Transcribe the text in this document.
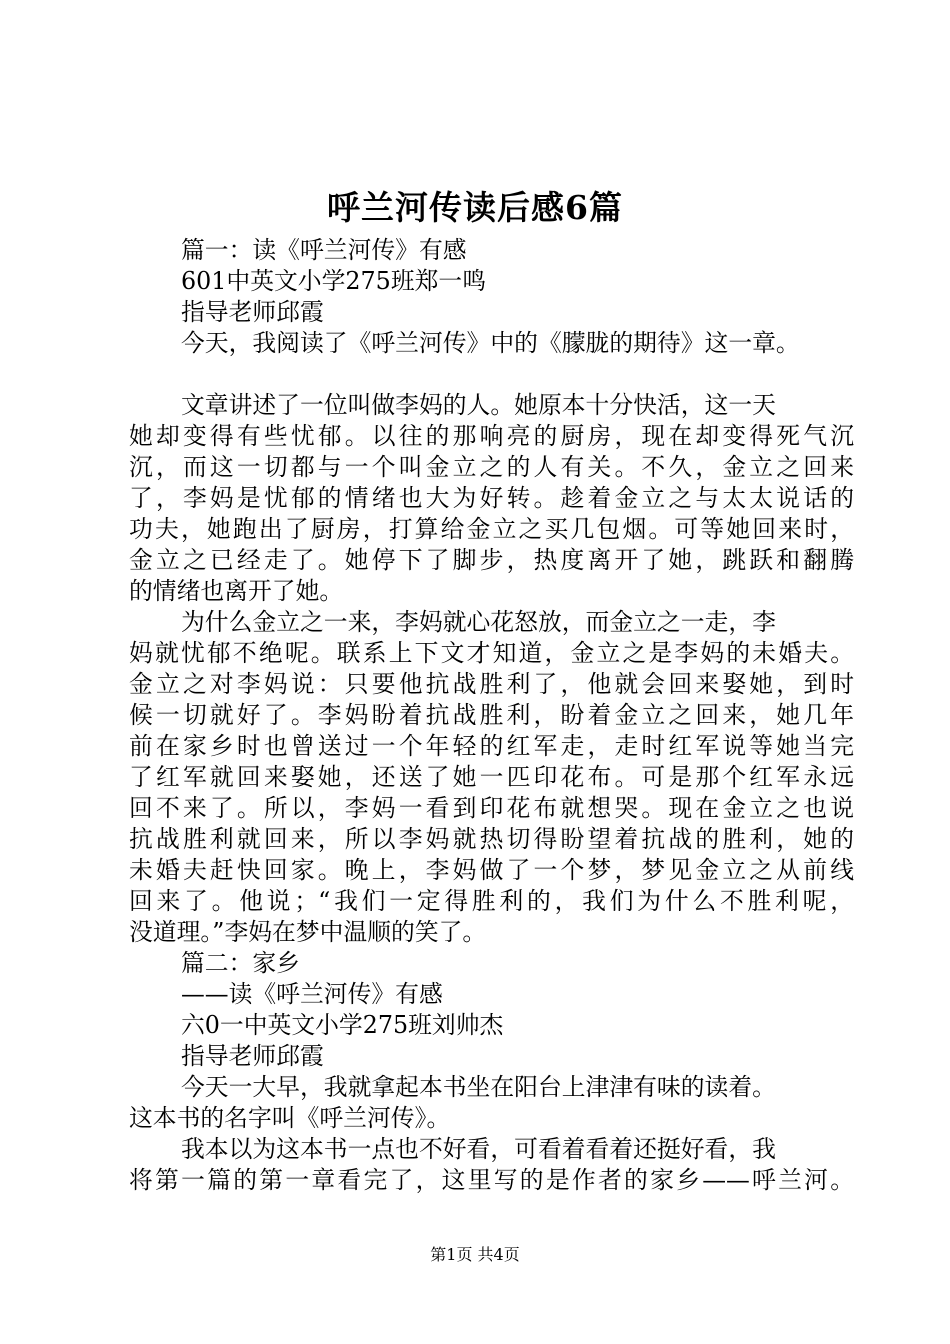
呼兰河传读后感6篇
篇一：读《呼兰河传》有感
601中英文小学275班郑一鸣
指导老师邱霞
今天，我阅读了《呼兰河传》中的《朦胧的期待》这一章。
文章讲述了一位叫做李妈的人。她原本十分快活，这一天
她却变得有些忧郁。以往的那响亮的厨房，现在却变得死气沉
沉，而这一切都与一个叫金立之的人有关。不久，金立之回来
了，李妈是忧郁的情绪也大为好转。趁着金立之与太太说话的
功夫，她跑出了厨房，打算给金立之买几包烟。可等她回来时，
金立之已经走了。她停下了脚步，热度离开了她，跳跃和翻腾
的情绪也离开了她。
为什么金立之一来，李妈就心花怒放，而金立之一走，李
妈就忧郁不绝呢。联系上下文才知道，金立之是李妈的未婚夫。
金立之对李妈说：只要他抗战胜利了，他就会回来娶她，到时
候一切就好了。李妈盼着抗战胜利，盼着金立之回来，她几年
前在家乡时也曾送过一个年轻的红军走，走时红军说等她当完
了红军就回来娶她，还送了她一匹印花布。可是那个红军永远
回不来了。所以，李妈一看到印花布就想哭。现在金立之也说
抗战胜利就回来，所以李妈就热切得盼望着抗战的胜利，她的
未婚夫赶快回家。晚上，李妈做了一个梦，梦见金立之从前线
回来了。他说；“我们一定得胜利的，我们为什么不胜利呢，
没道理。”李妈在梦中温顺的笑了。
篇二：家乡
——读《呼兰河传》有感
六0一中英文小学275班刘帅杰
指导老师邱霞
今天一大早，我就拿起本书坐在阳台上津津有味的读着。
这本书的名字叫《呼兰河传》。
我本以为这本书一点也不好看，可看着看着还挺好看，我
将第一篇的第一章看完了，这里写的是作者的家乡——呼兰河。
第1页 共4页
